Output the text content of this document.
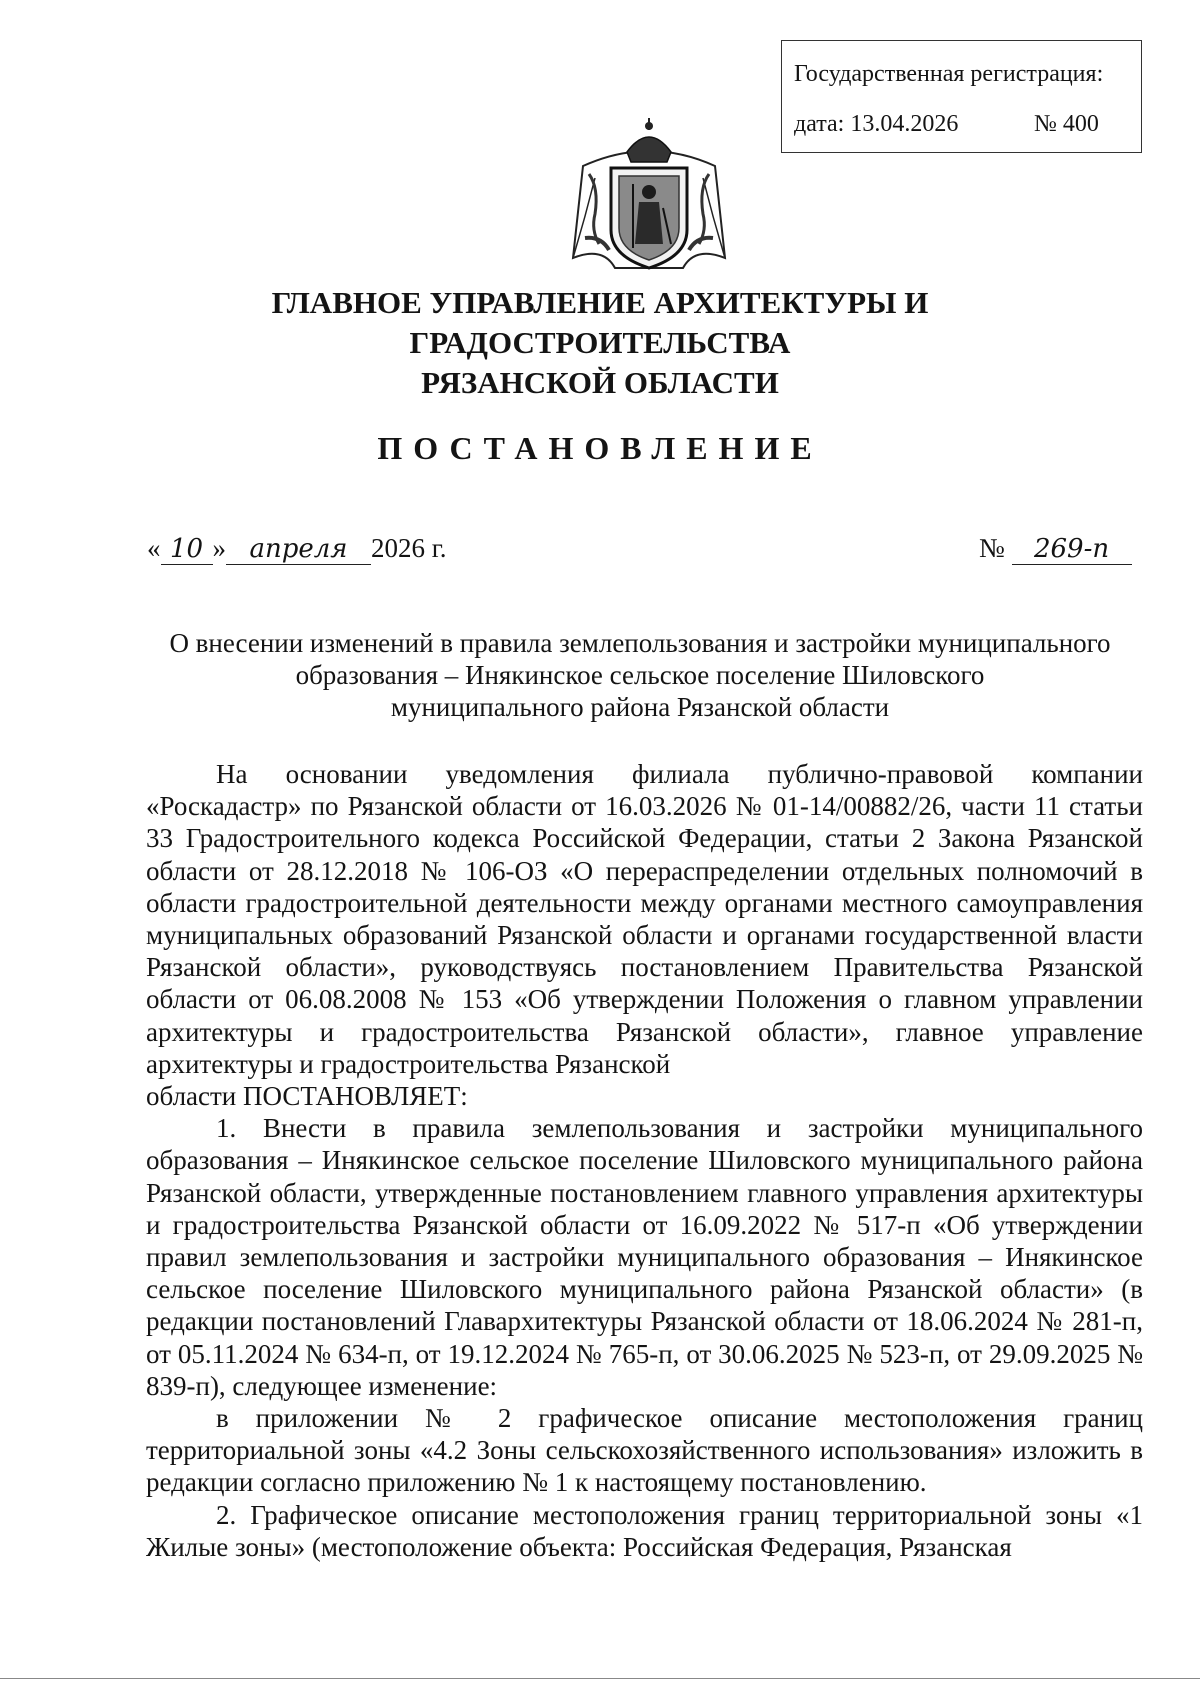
Государственная регистрация:
дата: 13.04.2026	№ 400
ГЛАВНОЕ УПРАВЛЕНИЕ АРХИТЕКТУРЫ И ГРАДОСТРОИТЕЛЬСТВА
РЯЗАНСКОЙ ОБЛАСТИ
ПОСТАНОВЛЕНИЕ
« 10 » апреля 2026 г.	№ 269-п
О внесении изменений в правила землепользования и застройки муниципального
образования – Инякинское сельское поселение Шиловского
муниципального района Рязанской области

На основании уведомления филиала публично-правовой компании «Роскадастр» по Рязанской области от 16.03.2026 № 01-14/00882/26, части 11 статьи 33 Градостроительного кодекса Российской Федерации, статьи 2 Закона Рязанской области от 28.12.2018 № 106-ОЗ «О перераспределении отдельных полномочий в области градостроительной деятельности между органами местного самоуправления муниципальных образований Рязанской области и органами государственной власти Рязанской области», руководствуясь постановлением Правительства Рязанской области от 06.08.2008 № 153 «Об утверждении Положения о главном управлении архитектуры и градостроительства Рязанской области», главное управление архитектуры и градостроительства Рязанской

области ПОСТАНОВЛЯЕТ:

1. Внести в правила землепользования и застройки муниципального образования – Инякинское сельское поселение Шиловского муниципального района Рязанской области, утвержденные постановлением главного управления архитектуры и градостроительства Рязанской области от 16.09.2022 № 517-п «Об утверждении правил землепользования и застройки муниципального образования – Инякинское сельское поселение Шиловского муниципального района Рязанской области» (в редакции постановлений Главархитектуры Рязанской области от 18.06.2024 № 281-п, от 05.11.2024 № 634-п, от 19.12.2024 № 765-п, от 30.06.2025 № 523-п, от 29.09.2025 № 839-п), следующее изменение:

в приложении № 2 графическое описание местоположения границ территориальной зоны «4.2 Зоны сельскохозяйственного использования» изложить в редакции согласно приложению № 1 к настоящему постановлению.

2. Графическое описание местоположения границ территориальной зоны «1 Жилые зоны» (местоположение объекта: Российская Федерация, Рязанская
